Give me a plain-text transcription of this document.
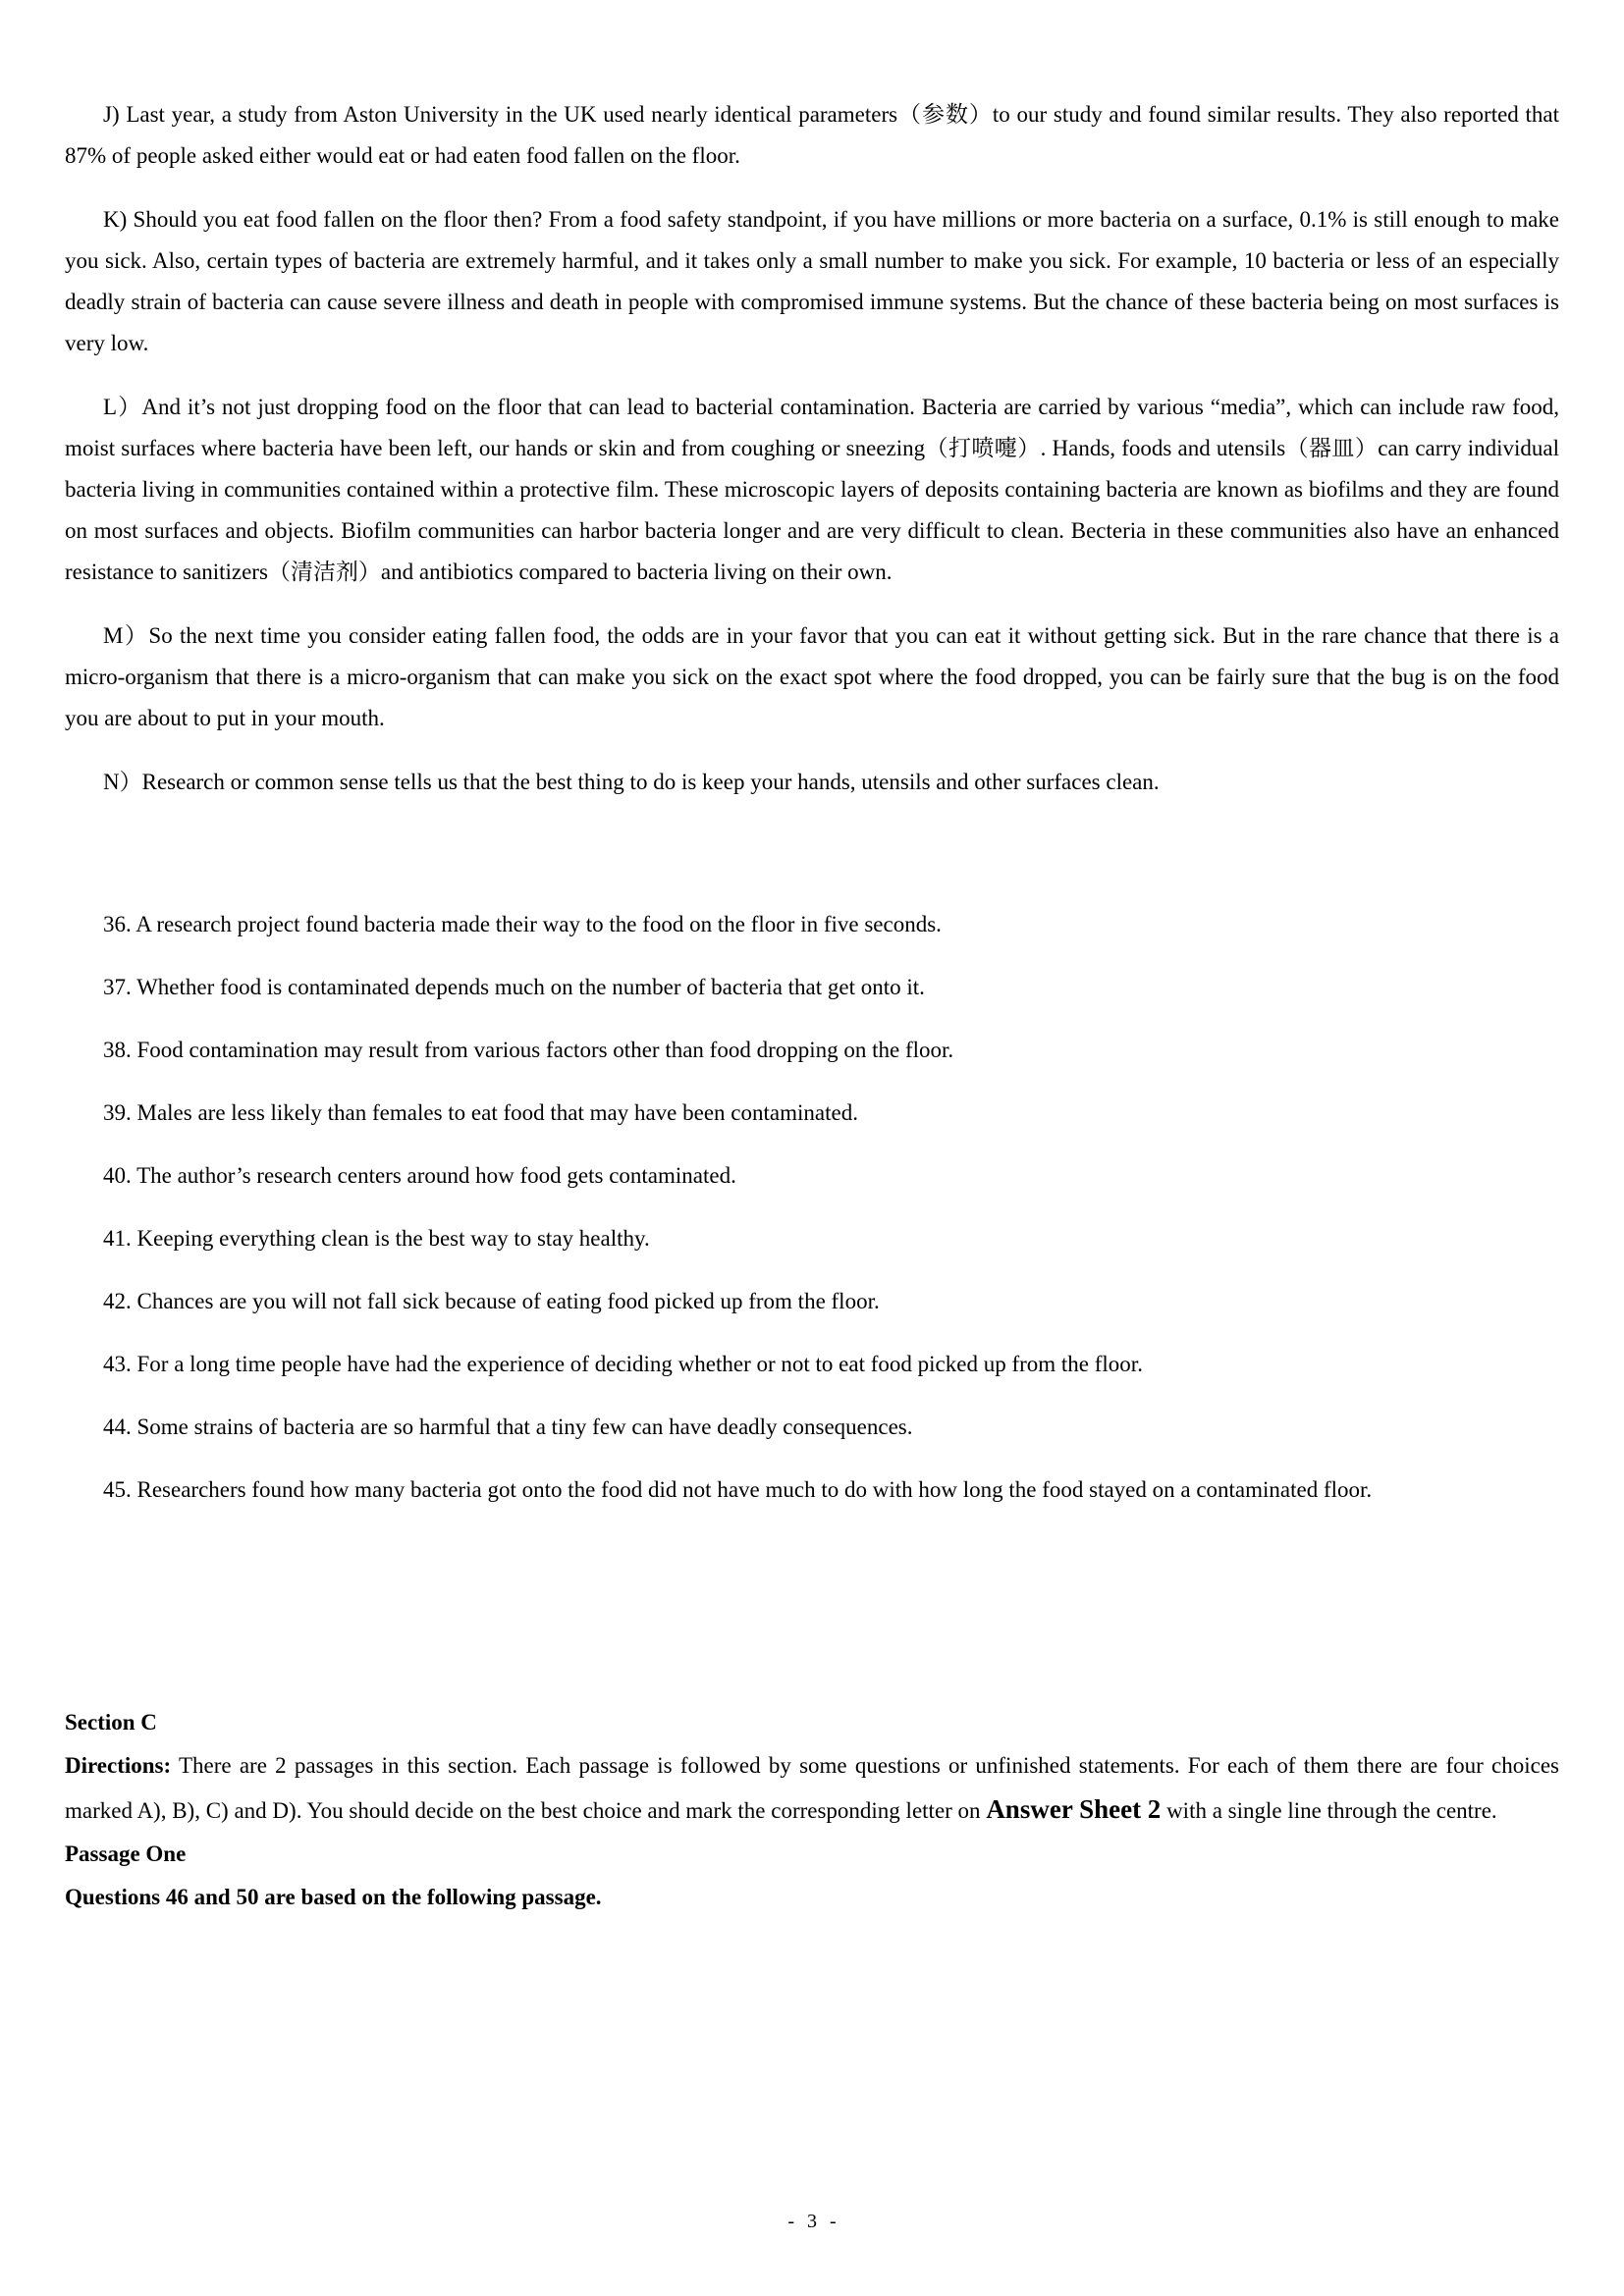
J) Last year, a study from Aston University in the UK used nearly identical parameters（参数）to our study and found similar results. They also reported that 87% of people asked either would eat or had eaten food fallen on the floor.

K) Should you eat food fallen on the floor then? From a food safety standpoint, if you have millions or more bacteria on a surface, 0.1% is still enough to make you sick. Also, certain types of bacteria are extremely harmful, and it takes only a small number to make you sick. For example, 10 bacteria or less of an especially deadly strain of bacteria can cause severe illness and death in people with compromised immune systems. But the chance of these bacteria being on most surfaces is very low.

L）And it’s not just dropping food on the floor that can lead to bacterial contamination. Bacteria are carried by various “media”, which can include raw food, moist surfaces where bacteria have been left, our hands or skin and from coughing or sneezing（打喷嚏）. Hands, foods and utensils（器皿）can carry individual bacteria living in communities contained within a protective film. These microscopic layers of deposits containing bacteria are known as biofilms and they are found on most surfaces and objects. Biofilm communities can harbor bacteria longer and are very difficult to clean. Becteria in these communities also have an enhanced resistance to sanitizers（清洁剂）and antibiotics compared to bacteria living on their own.

M）So the next time you consider eating fallen food, the odds are in your favor that you can eat it without getting sick. But in the rare chance that there is a micro-organism that there is a micro-organism that can make you sick on the exact spot where the food dropped, you can be fairly sure that the bug is on the food you are about to put in your mouth.

N）Research or common sense tells us that the best thing to do is keep your hands, utensils and other surfaces clean.

36. A research project found bacteria made their way to the food on the floor in five seconds.

37. Whether food is contaminated depends much on the number of bacteria that get onto it.

38. Food contamination may result from various factors other than food dropping on the floor.

39. Males are less likely than females to eat food that may have been contaminated.

40. The author’s research centers around how food gets contaminated.

41. Keeping everything clean is the best way to stay healthy.

42. Chances are you will not fall sick because of eating food picked up from the floor.

43. For a long time people have had the experience of deciding whether or not to eat food picked up from the floor.

44. Some strains of bacteria are so harmful that a tiny few can have deadly consequences.

45. Researchers found how many bacteria got onto the food did not have much to do with how long the food stayed on a contaminated floor.

Section C

Directions: There are 2 passages in this section. Each passage is followed by some questions or unfinished statements. For each of them there are four choices marked A), B), C) and D). You should decide on the best choice and mark the corresponding letter on Answer Sheet 2 with a single line through the centre.

Passage One

Questions 46 and 50 are based on the following passage.

- 3 -
